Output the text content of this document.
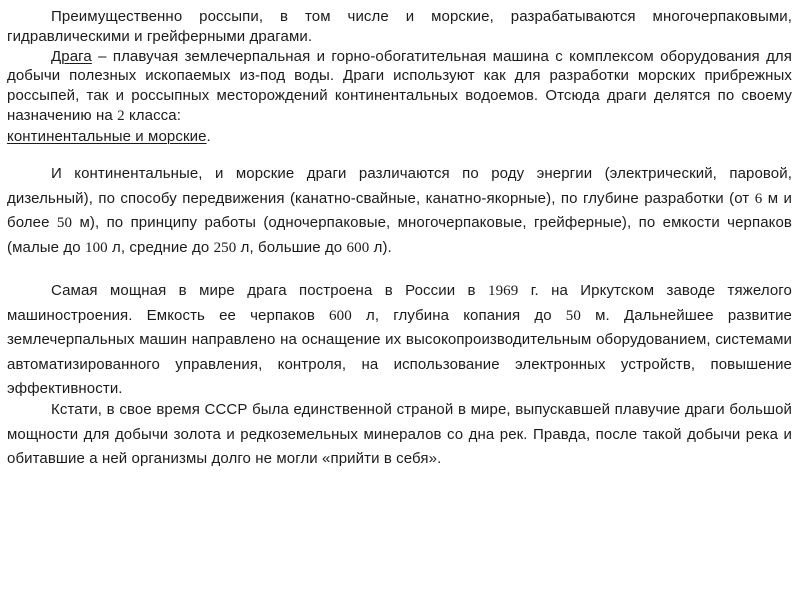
Преимущественно россыпи, в том числе и морские, разрабатываются многочерпаковыми, гидравлическими и грейферными драгами.

Драга – плавучая землечерпальная и горно-обогатительная машина с комплексом оборудования для добычи полезных ископаемых из-под воды. Драги используют как для разработки морских прибрежных россыпей, так и россыпных месторождений континентальных водоемов. Отсюда драги делятся по своему назначению на 2 класса:
континентальные и морские.

И континентальные, и морские драги различаются по роду энергии (электрический, паровой, дизельный), по способу передвижения (канатно-свайные, канатно-якорные), по глубине разработки (от 6 м и более 50 м), по принципу работы (одночерпаковые, многочерпаковые, грейферные), по емкости черпаков (малые до 100 л, средние до 250 л, большие до 600 л).

Самая мощная в мире драга построена в России в 1969 г. на Иркутском заводе тяжелого машиностроения. Емкость ее черпаков 600 л, глубина копания до 50 м. Дальнейшее развитие землечерпальных машин направлено на оснащение их высокопроизводительным оборудованием, системами автоматизированного управления, контроля, на использование электронных устройств, повышение эффективности.

Кстати, в свое время СССР была единственной страной в мире, выпускавшей плавучие драги большой мощности для добычи золота и редкоземельных минералов со дна рек. Правда, после такой добычи река и обитавшие а ней организмы долго не могли «прийти в себя».
